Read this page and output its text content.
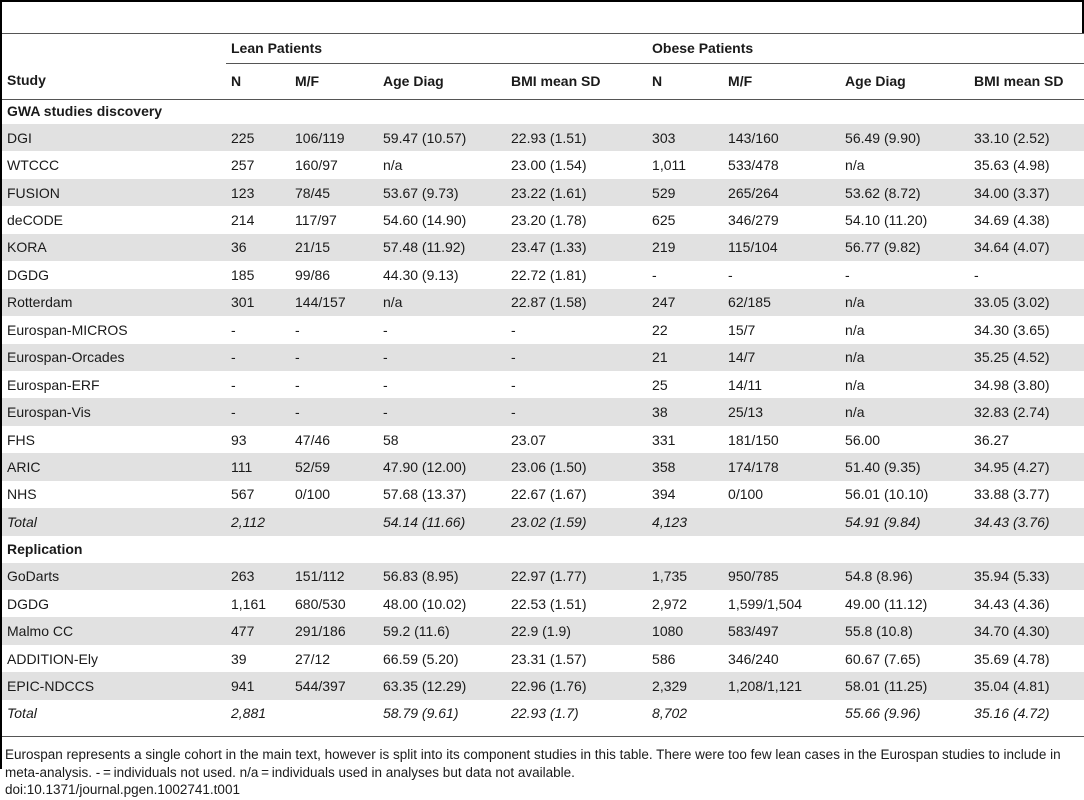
	Lean Patients				Obese Patients			
Study	N	M/F	Age Diag	BMI mean SD	N	M/F	Age Diag	BMI mean SD
GWA studies discovery								
DGI	225	106/119	59.47 (10.57)	22.93 (1.51)	303	143/160	56.49 (9.90)	33.10 (2.52)
WTCCC	257	160/97	n/a	23.00 (1.54)	1,011	533/478	n/a	35.63 (4.98)
FUSION	123	78/45	53.67 (9.73)	23.22 (1.61)	529	265/264	53.62 (8.72)	34.00 (3.37)
deCODE	214	117/97	54.60 (14.90)	23.20 (1.78)	625	346/279	54.10 (11.20)	34.69 (4.38)
KORA	36	21/15	57.48 (11.92)	23.47 (1.33)	219	115/104	56.77 (9.82)	34.64 (4.07)
DGDG	185	99/86	44.30 (9.13)	22.72 (1.81)	-	-	-	-
Rotterdam	301	144/157	n/a	22.87 (1.58)	247	62/185	n/a	33.05 (3.02)
Eurospan-MICROS	-	-	-	-	22	15/7	n/a	34.30 (3.65)
Eurospan-Orcades	-	-	-	-	21	14/7	n/a	35.25 (4.52)
Eurospan-ERF	-	-	-	-	25	14/11	n/a	34.98 (3.80)
Eurospan-Vis	-	-	-	-	38	25/13	n/a	32.83 (2.74)
FHS	93	47/46	58	23.07	331	181/150	56.00	36.27
ARIC	111	52/59	47.90 (12.00)	23.06 (1.50)	358	174/178	51.40 (9.35)	34.95 (4.27)
NHS	567	0/100	57.68 (13.37)	22.67 (1.67)	394	0/100	56.01 (10.10)	33.88 (3.77)
Total	2,112		54.14 (11.66)	23.02 (1.59)	4,123		54.91 (9.84)	34.43 (3.76)
Replication								
GoDarts	263	151/112	56.83 (8.95)	22.97 (1.77)	1,735	950/785	54.8 (8.96)	35.94 (5.33)
DGDG	1,161	680/530	48.00 (10.02)	22.53 (1.51)	2,972	1,599/1,504	49.00 (11.12)	34.43 (4.36)
Malmo CC	477	291/186	59.2 (11.6)	22.9 (1.9)	1080	583/497	55.8 (10.8)	34.70 (4.30)
ADDITION-Ely	39	27/12	66.59 (5.20)	23.31 (1.57)	586	346/240	60.67 (7.65)	35.69 (4.78)
EPIC-NDCCS	941	544/397	63.35 (12.29)	22.96 (1.76)	2,329	1,208/1,121	58.01 (11.25)	35.04 (4.81)
Total	2,881		58.79 (9.61)	22.93 (1.7)	8,702		55.66 (9.96)	35.16 (4.72)
Eurospan represents a single cohort in the main text, however is split into its component studies in this table. There were too few lean cases in the Eurospan studies to include in meta-analysis. - = individuals not used. n/a = individuals used in analyses but data not available.
doi:10.1371/journal.pgen.1002741.t001
